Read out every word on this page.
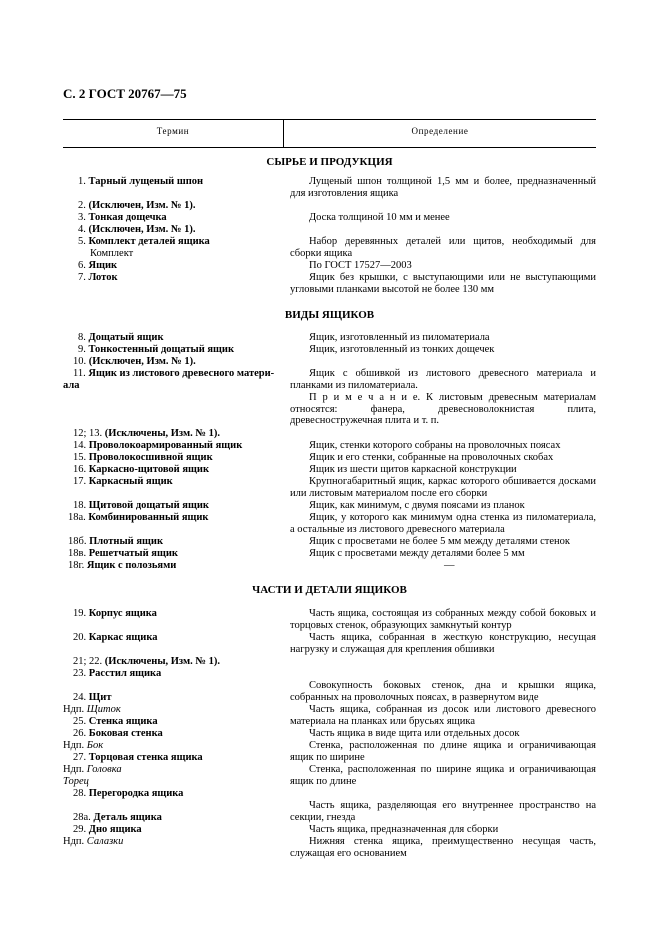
С. 2 ГОСТ 20767—75
Термин	Определение
СЫРЬЕ И ПРОДУКЦИЯ
ВИДЫ ЯЩИКОВ
ЧАСТИ И ДЕТАЛИ ЯЩИКОВ
1. Тарный лущеный шпон
2. (Исключен, Изм. № 1).
3. Тонкая дощечка
4. (Исключен, Изм. № 1).
5. Комплект деталей ящика
Комплект
6. Ящик
7. Лоток
8. Дощатый ящик
9. Тонкостенный дощатый ящик
10. (Исключен, Изм. № 1).
11. Ящик из листового древесного матери-
ала
12; 13. (Исключены, Изм. № 1).
14. Проволокоармированный ящик
15. Проволокосшивной ящик
16. Каркасно-щитовой ящик
17. Каркасный ящик
18. Щитовой дощатый ящик
18а. Комбинированный ящик
18б. Плотный ящик
18в. Решетчатый ящик
18г. Ящик с полозьями
19. Корпус ящика
20. Каркас ящика
21; 22. (Исключены, Изм. № 1).
23. Расстил ящика
24. Щит
Ндп. Щиток
25. Стенка ящика
26. Боковая стенка
Ндп. Бок
27. Торцовая стенка ящика
Ндп. Головка
Торец
28. Перегородка ящика
28а. Деталь ящика
29. Дно ящика
Ндп. Салазки
Лущеный шпон толщиной 1,5 мм и более, предназначенный для изготовления ящика
Доска толщиной 10 мм и менее
Набор деревянных деталей или щитов, необходимый для сборки ящика
По ГОСТ 17527—2003
Ящик без крышки, с выступающими или не выступающими угловыми планками высотой не более 130 мм
Ящик, изготовленный из пиломатериала
Ящик, изготовленный из тонких дощечек
Ящик с обшивкой из листового древесного материала и планками из пиломатериала.
П р и м е ч а н и е. К листовым древесным материалам относятся: фанера, древесноволокнистая плита, древесностружечная плита и т. п.
Ящик, стенки которого собраны на проволочных поясах
Ящик и его стенки, собранные на проволочных скобах
Ящик из шести щитов каркасной конструкции
Крупногабаритный ящик, каркас которого обшивается досками или листовым материалом после его сборки
Ящик, как минимум, с двумя поясами из планок
Ящик, у которого как минимум одна стенка из пиломатериала, а остальные из листового древесного материала
Ящик с просветами не более 5 мм между деталями стенок
Ящик с просветами между деталями более 5 мм
—
Часть ящика, состоящая из собранных между собой боковых и торцовых стенок, образующих замкнутый контур
Часть ящика, собранная в жесткую конструкцию, несущая нагрузку и служащая для крепления обшивки
Совокупность боковых стенок, дна и крышки ящика, собранных на проволочных поясах, в развернутом виде
Часть ящика, собранная из досок или листового древесного материала на планках или брусьях ящика
Часть ящика в виде щита или отдельных досок
Стенка, расположенная по длине ящика и ограничивающая ящик по ширине
Стенка, расположенная по ширине ящика и ограничивающая ящик по длине
Часть ящика, разделяющая его внутреннее пространство на секции, гнезда
Часть ящика, предназначенная для сборки
Нижняя стенка ящика, преимущественно несущая часть, служащая его основанием
